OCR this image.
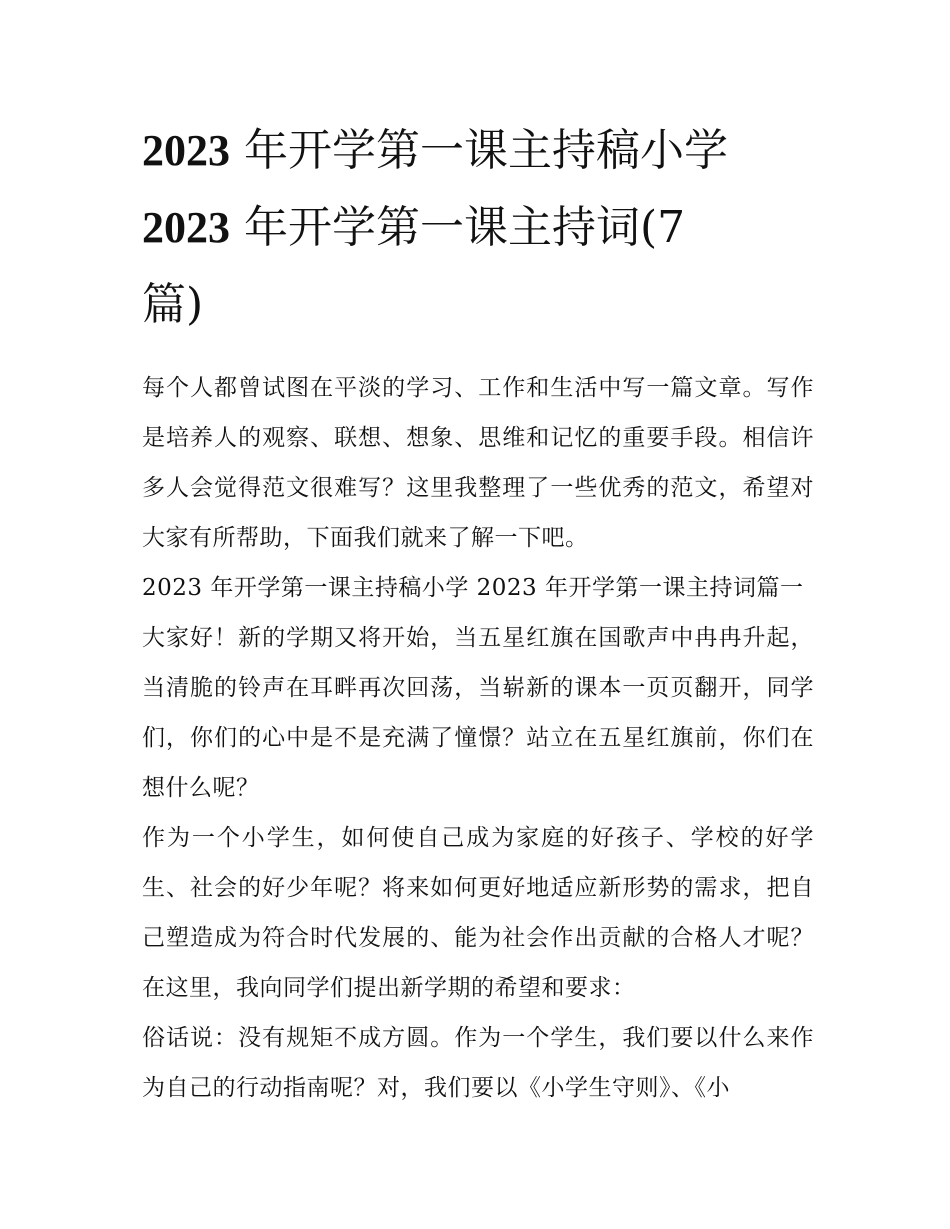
2023 年开学第一课主持稿小学
2023 年开学第一课主持词(7
篇)

每个人都曾试图在平淡的学习、工作和生活中写一篇文章。写作是培养人的观察、联想、想象、思维和记忆的重要手段。相信许多人会觉得范文很难写？这里我整理了一些优秀的范文，希望对大家有所帮助，下面我们就来了解一下吧。

2023 年开学第一课主持稿小学 2023 年开学第一课主持词篇一

大家好！新的学期又将开始，当五星红旗在国歌声中冉冉升起，当清脆的铃声在耳畔再次回荡，当崭新的课本一页页翻开，同学们，你们的心中是不是充满了憧憬？站立在五星红旗前，你们在想什么呢？

作为一个小学生，如何使自己成为家庭的好孩子、学校的好学生、社会的好少年呢？将来如何更好地适应新形势的需求，把自己塑造成为符合时代发展的、能为社会作出贡献的合格人才呢？在这里，我向同学们提出新学期的希望和要求：

俗话说：没有规矩不成方圆。作为一个学生，我们要以什么来作为自己的行动指南呢？对，我们要以《小学生守则》、《小
